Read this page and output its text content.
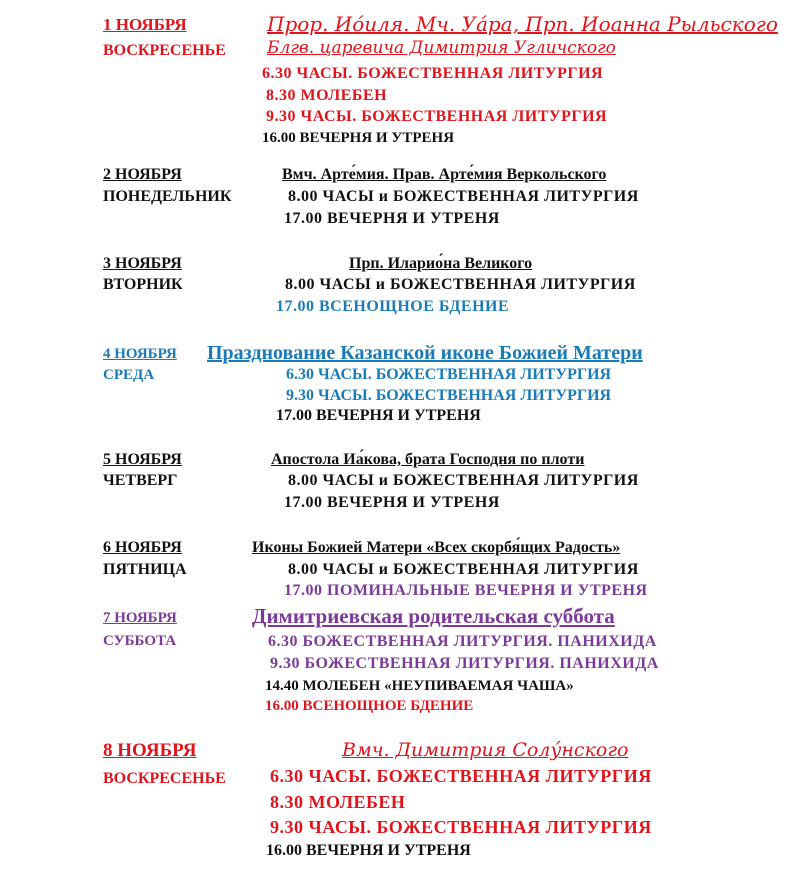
1 НОЯБРЯ	Прор. Ио́иля. Мч. Уа́ра, Прп. Иоанна Рыльского
ВОСКРЕСЕНЬЕ Блгв. царевича Димитрия Угличского
6.30 ЧАСЫ. БОЖЕСТВЕННАЯ ЛИТУРГИЯ
8.30 МОЛЕБЕН
9.30 ЧАСЫ. БОЖЕСТВЕННАЯ ЛИТУРГИЯ
16.00 ВЕЧЕРНЯ И УТРЕНЯ
2 НОЯБРЯ	Вмч. Арте́мия. Прав. Арте́мия Веркольского
ПОНЕДЕЛЬНИК	8.00 ЧАСЫ и БОЖЕСТВЕННАЯ ЛИТУРГИЯ
17.00 ВЕЧЕРНЯ И УТРЕНЯ
3 НОЯБРЯ	Прп. Иларио́на Великого
ВТОРНИК	8.00 ЧАСЫ и БОЖЕСТВЕННАЯ ЛИТУРГИЯ
17.00 ВСЕНОЩНОЕ БДЕНИЕ
4 НОЯБРЯ Празднование Казанской иконе Божией Матери
СРЕДА	6.30 ЧАСЫ. БОЖЕСТВЕННАЯ ЛИТУРГИЯ
9.30 ЧАСЫ. БОЖЕСТВЕННАЯ ЛИТУРГИЯ
17.00 ВЕЧЕРНЯ И УТРЕНЯ
5 НОЯБРЯ	Апостола Иа́кова, брата Господня по плоти
ЧЕТВЕРГ	8.00 ЧАСЫ и БОЖЕСТВЕННАЯ ЛИТУРГИЯ
17.00 ВЕЧЕРНЯ И УТРЕНЯ
6 НОЯБРЯ	Иконы Божией Матери «Всех скорбя́щих Радость»
ПЯТНИЦА	8.00 ЧАСЫ и БОЖЕСТВЕННАЯ ЛИТУРГИЯ
17.00 ПОМИНАЛЬНЫЕ ВЕЧЕРНЯ И УТРЕНЯ
7 НОЯБРЯ	Димитриевская родительская суббота
СУББОТА	6.30 БОЖЕСТВЕННАЯ ЛИТУРГИЯ. ПАНИХИДА
9.30 БОЖЕСТВЕННАЯ ЛИТУРГИЯ. ПАНИХИДА
14.40 МОЛЕБЕН «НЕУПИВАЕМАЯ ЧАША»
16.00 ВСЕНОЩНОЕ БДЕНИЕ
8 НОЯБРЯ	Вмч. Димитрия Солу́нского
ВОСКРЕСЕНЬЕ 6.30 ЧАСЫ. БОЖЕСТВЕННАЯ ЛИТУРГИЯ
8.30 МОЛЕБЕН
9.30 ЧАСЫ. БОЖЕСТВЕННАЯ ЛИТУРГИЯ
16.00 ВЕЧЕРНЯ И УТРЕНЯ
